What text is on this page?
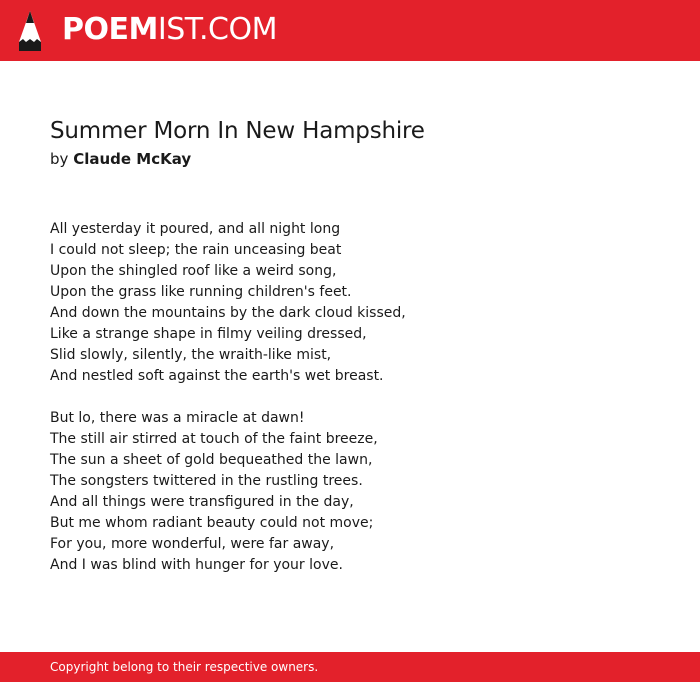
POEMIST.COM
Summer Morn In New Hampshire
by Claude McKay
All yesterday it poured, and all night long
I could not sleep; the rain unceasing beat
Upon the shingled roof like a weird song,
Upon the grass like running children's feet.
And down the mountains by the dark cloud kissed,
Like a strange shape in filmy veiling dressed,
Slid slowly, silently, the wraith-like mist,
And nestled soft against the earth's wet breast.
But lo, there was a miracle at dawn!
The still air stirred at touch of the faint breeze,
The sun a sheet of gold bequeathed the lawn,
The songsters twittered in the rustling trees.
And all things were transfigured in the day,
But me whom radiant beauty could not move;
For you, more wonderful, were far away,
And I was blind with hunger for your love.
Copyright belong to their respective owners.
